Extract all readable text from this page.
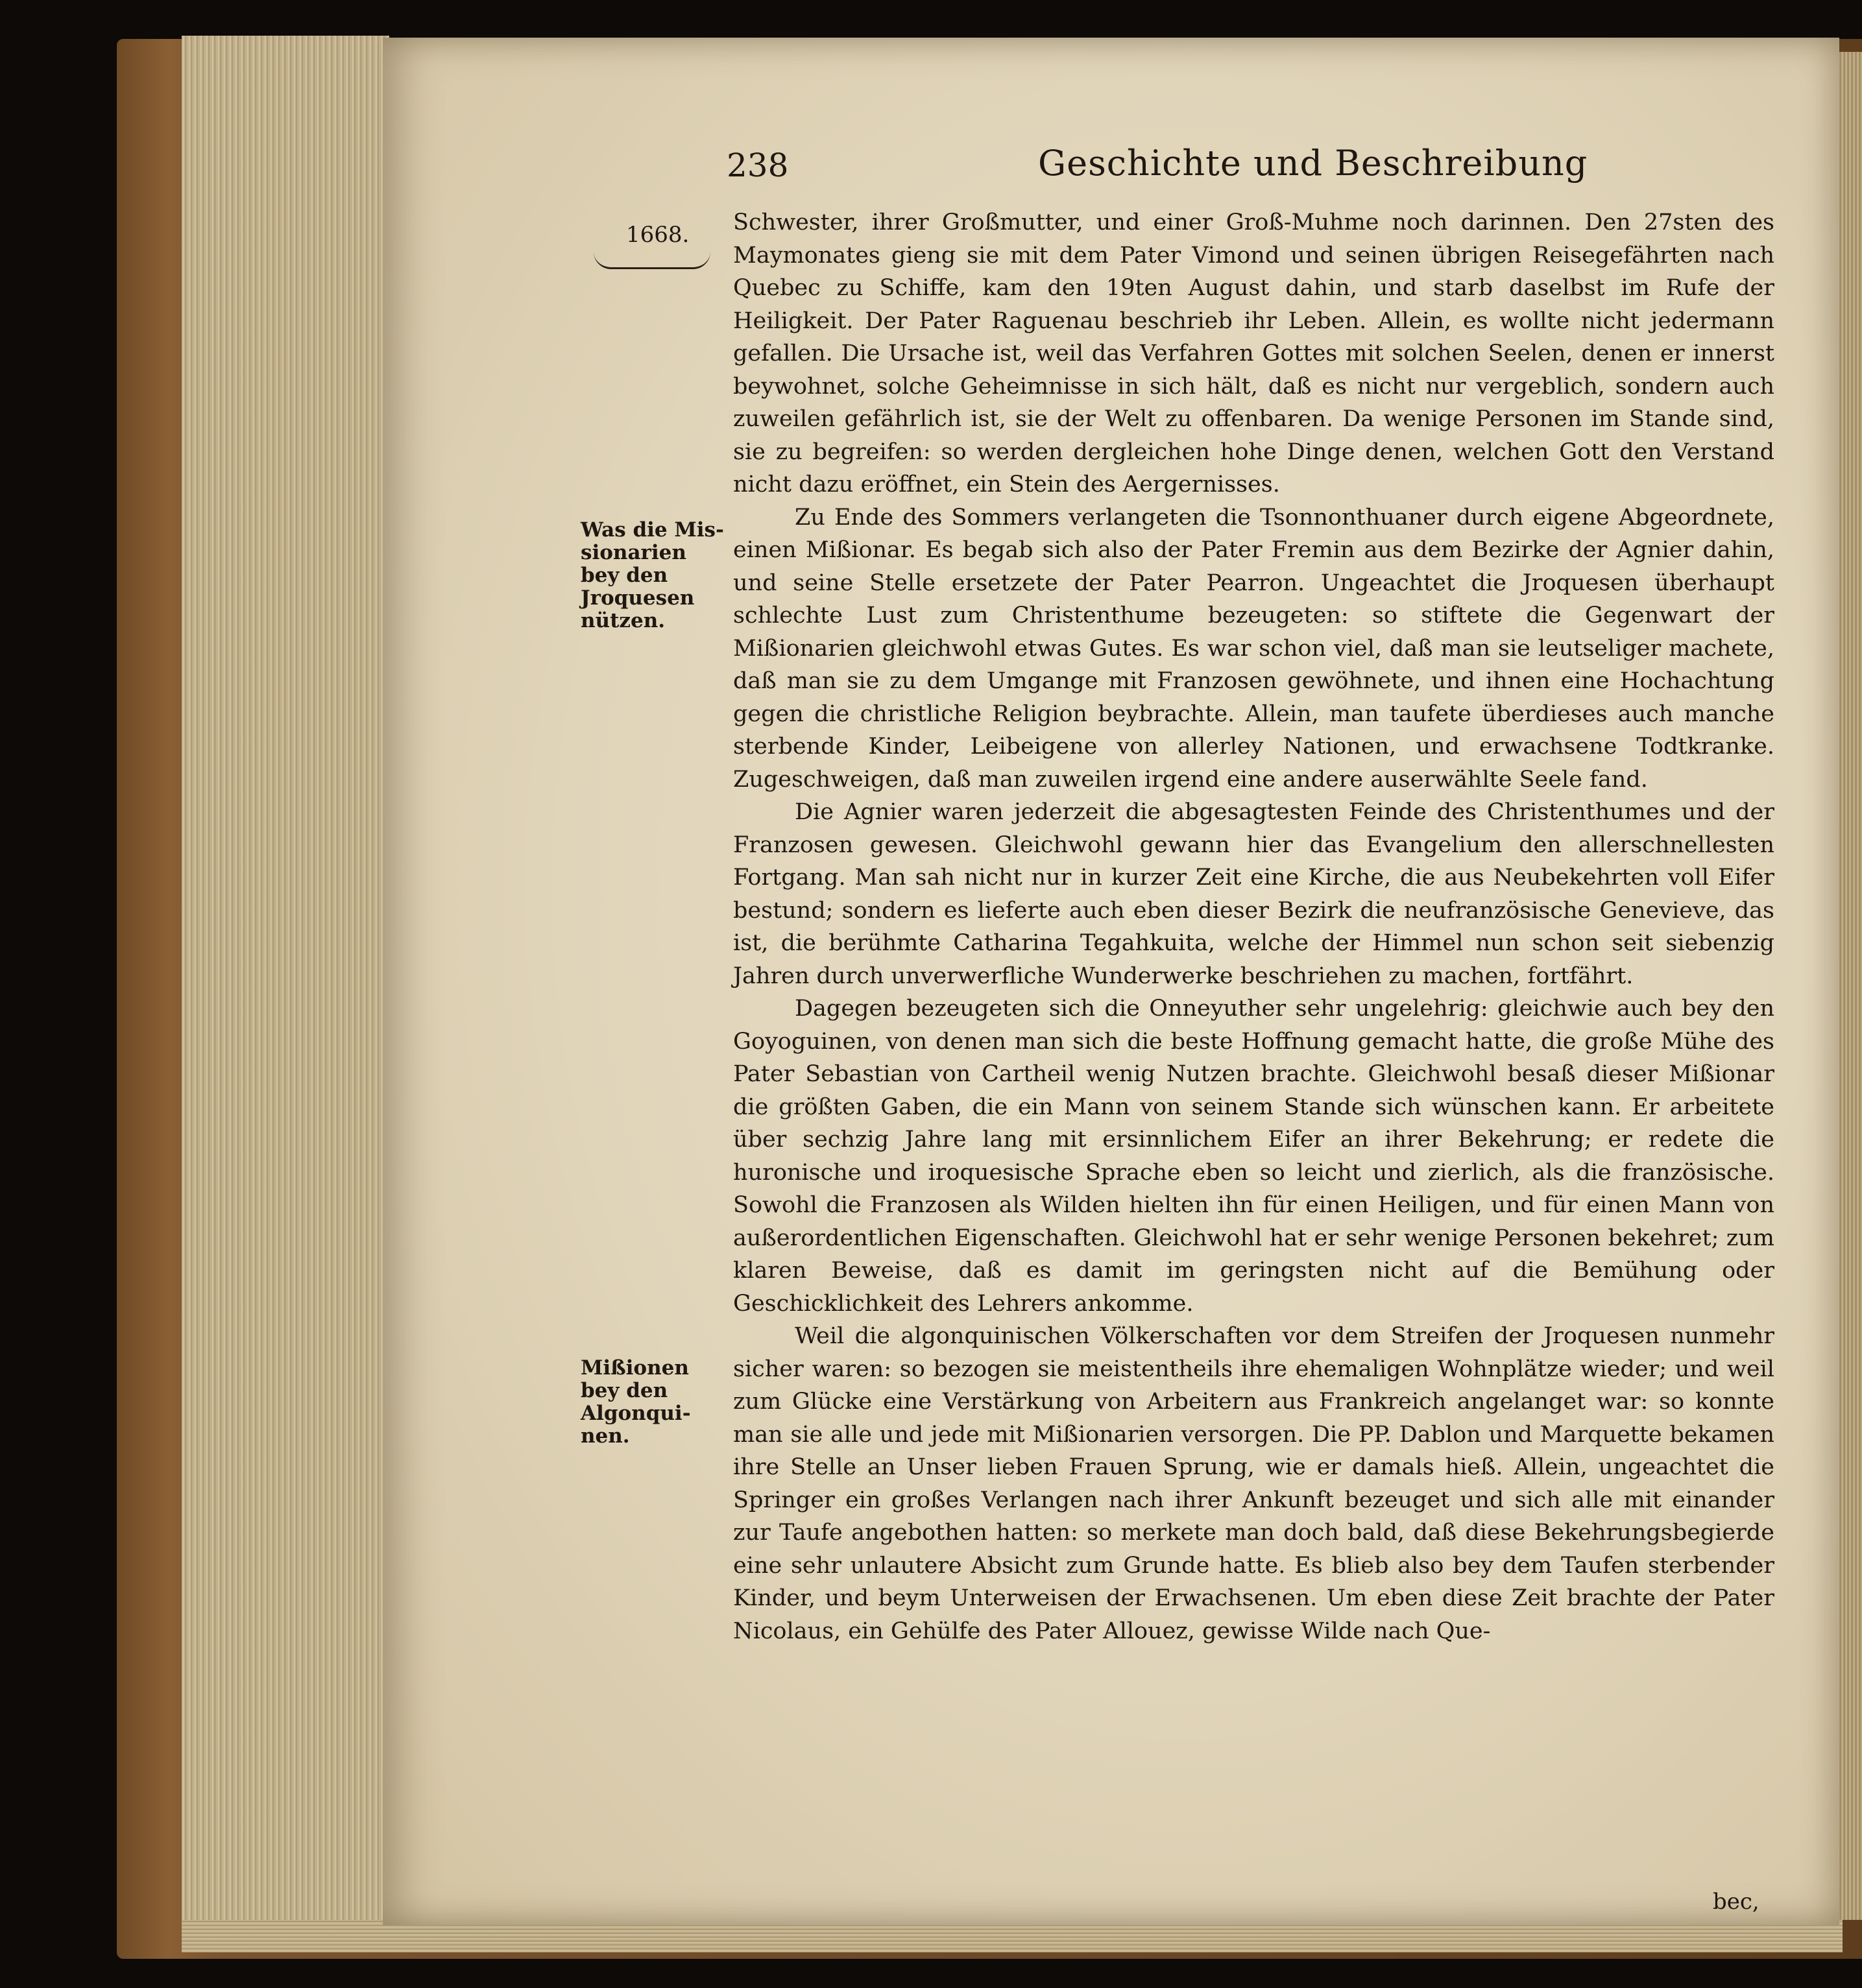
238	Geschichte und Beschreibung
1668.
Was die Mis-sionarien bey den Jroquesen nützen.
Mißionen bey den Algonqui-nen.

Schwester, ihrer Großmutter, und einer Groß-Muhme noch darinnen. Den 27sten des Maymonates gieng sie mit dem Pater Vimond und seinen übrigen Reisegefährten nach Quebec zu Schiffe, kam den 19ten August dahin, und starb daselbst im Rufe der Heiligkeit. Der Pater Raguenau beschrieb ihr Leben. Allein, es wollte nicht jedermann gefallen. Die Ursache ist, weil das Verfahren Gottes mit solchen Seelen, denen er innerst beywohnet, solche Geheimnisse in sich hält, daß es nicht nur vergeblich, sondern auch zuweilen gefährlich ist, sie der Welt zu offenbaren. Da wenige Personen im Stande sind, sie zu begreifen: so werden dergleichen hohe Dinge denen, welchen Gott den Verstand nicht dazu eröffnet, ein Stein des Aergernisses.

Zu Ende des Sommers verlangeten die Tsonnonthuaner durch eigene Abgeordnete, einen Mißionar. Es begab sich also der Pater Fremin aus dem Bezirke der Agnier dahin, und seine Stelle ersetzete der Pater Pearron. Ungeachtet die Jroquesen überhaupt schlechte Lust zum Christenthume bezeugeten: so stiftete die Gegenwart der Mißionarien gleichwohl etwas Gutes. Es war schon viel, daß man sie leutseliger machete, daß man sie zu dem Umgange mit Franzosen gewöhnete, und ihnen eine Hochachtung gegen die christliche Religion beybrachte. Allein, man taufete überdieses auch manche sterbende Kinder, Leibeigene von allerley Nationen, und erwachsene Todtkranke. Zugeschweigen, daß man zuweilen irgend eine andere auserwählte Seele fand.

Die Agnier waren jederzeit die abgesagtesten Feinde des Christenthumes und der Franzosen gewesen. Gleichwohl gewann hier das Evangelium den allerschnellesten Fortgang. Man sah nicht nur in kurzer Zeit eine Kirche, die aus Neubekehrten voll Eifer bestund; sondern es lieferte auch eben dieser Bezirk die neufranzösische Genevieve, das ist, die berühmte Catharina Tegahkuita, welche der Himmel nun schon seit siebenzig Jahren durch unverwerfliche Wunderwerke beschriehen zu machen, fortfährt.

Dagegen bezeugeten sich die Onneyuther sehr ungelehrig: gleichwie auch bey den Goyoguinen, von denen man sich die beste Hoffnung gemacht hatte, die große Mühe des Pater Sebastian von Cartheil wenig Nutzen brachte. Gleichwohl besaß dieser Mißionar die größten Gaben, die ein Mann von seinem Stande sich wünschen kann. Er arbeitete über sechzig Jahre lang mit ersinnlichem Eifer an ihrer Bekehrung; er redete die huronische und iroquesische Sprache eben so leicht und zierlich, als die französische. Sowohl die Franzosen als Wilden hielten ihn für einen Heiligen, und für einen Mann von außerordentlichen Eigenschaften. Gleichwohl hat er sehr wenige Personen bekehret; zum klaren Beweise, daß es damit im geringsten nicht auf die Bemühung oder Geschicklichkeit des Lehrers ankomme.

Weil die algonquinischen Völkerschaften vor dem Streifen der Jroquesen nunmehr sicher waren: so bezogen sie meistentheils ihre ehemaligen Wohnplätze wieder; und weil zum Glücke eine Verstärkung von Arbeitern aus Frankreich angelanget war: so konnte man sie alle und jede mit Mißionarien versorgen. Die PP. Dablon und Marquette bekamen ihre Stelle an Unser lieben Frauen Sprung, wie er damals hieß. Allein, ungeachtet die Springer ein großes Verlangen nach ihrer Ankunft bezeuget und sich alle mit einander zur Taufe angebothen hatten: so merkete man doch bald, daß diese Bekehrungsbegierde eine sehr unlautere Absicht zum Grunde hatte. Es blieb also bey dem Taufen sterbender Kinder, und beym Unterweisen der Erwachsenen. Um eben diese Zeit brachte der Pater Nicolaus, ein Gehülfe des Pater Allouez, gewisse Wilde nach Que-

bec,
